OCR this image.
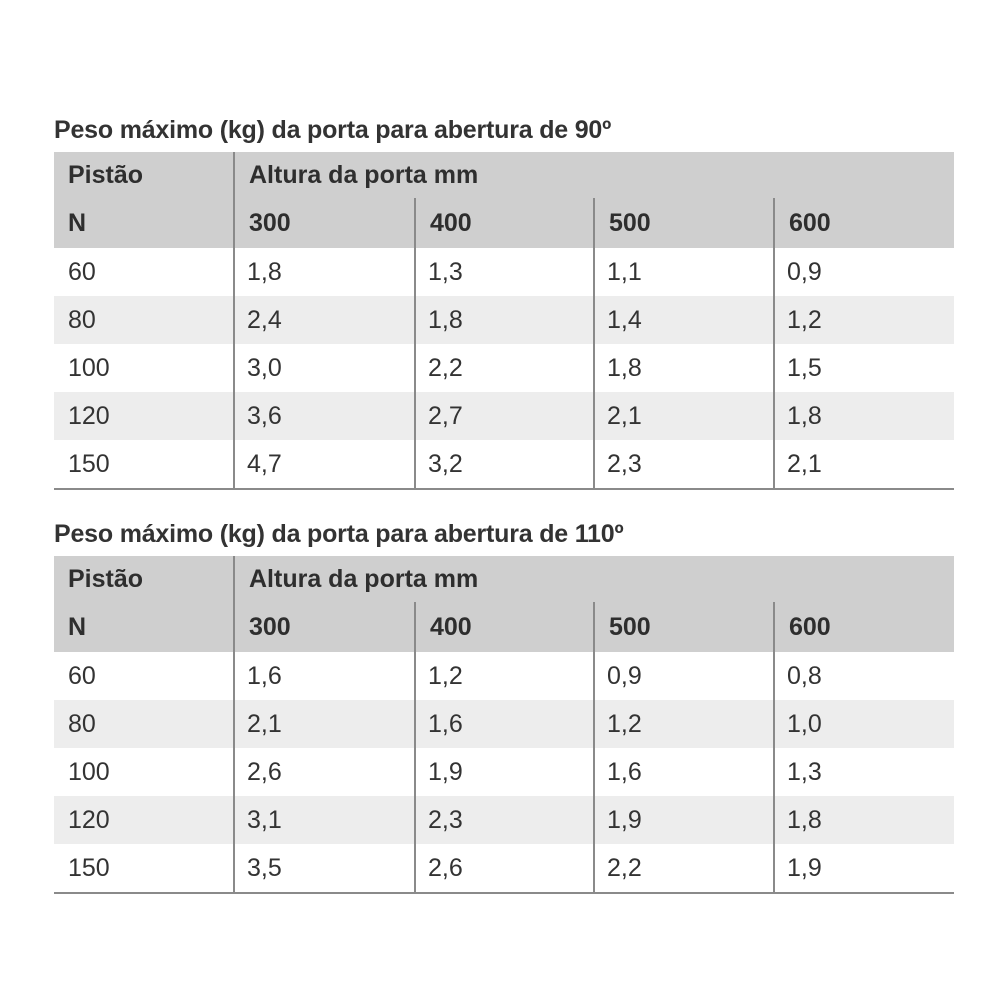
Peso máximo (kg) da porta para abertura de 90º
Pistão	Altura da porta mm			
N	300	400	500	600
60	1,8	1,3	1,1	0,9
80	2,4	1,8	1,4	1,2
100	3,0	2,2	1,8	1,5
120	3,6	2,7	2,1	1,8
150	4,7	3,2	2,3	2,1
Peso máximo (kg) da porta para abertura de 110º
Pistão	Altura da porta mm			
N	300	400	500	600
60	1,6	1,2	0,9	0,8
80	2,1	1,6	1,2	1,0
100	2,6	1,9	1,6	1,3
120	3,1	2,3	1,9	1,8
150	3,5	2,6	2,2	1,9
